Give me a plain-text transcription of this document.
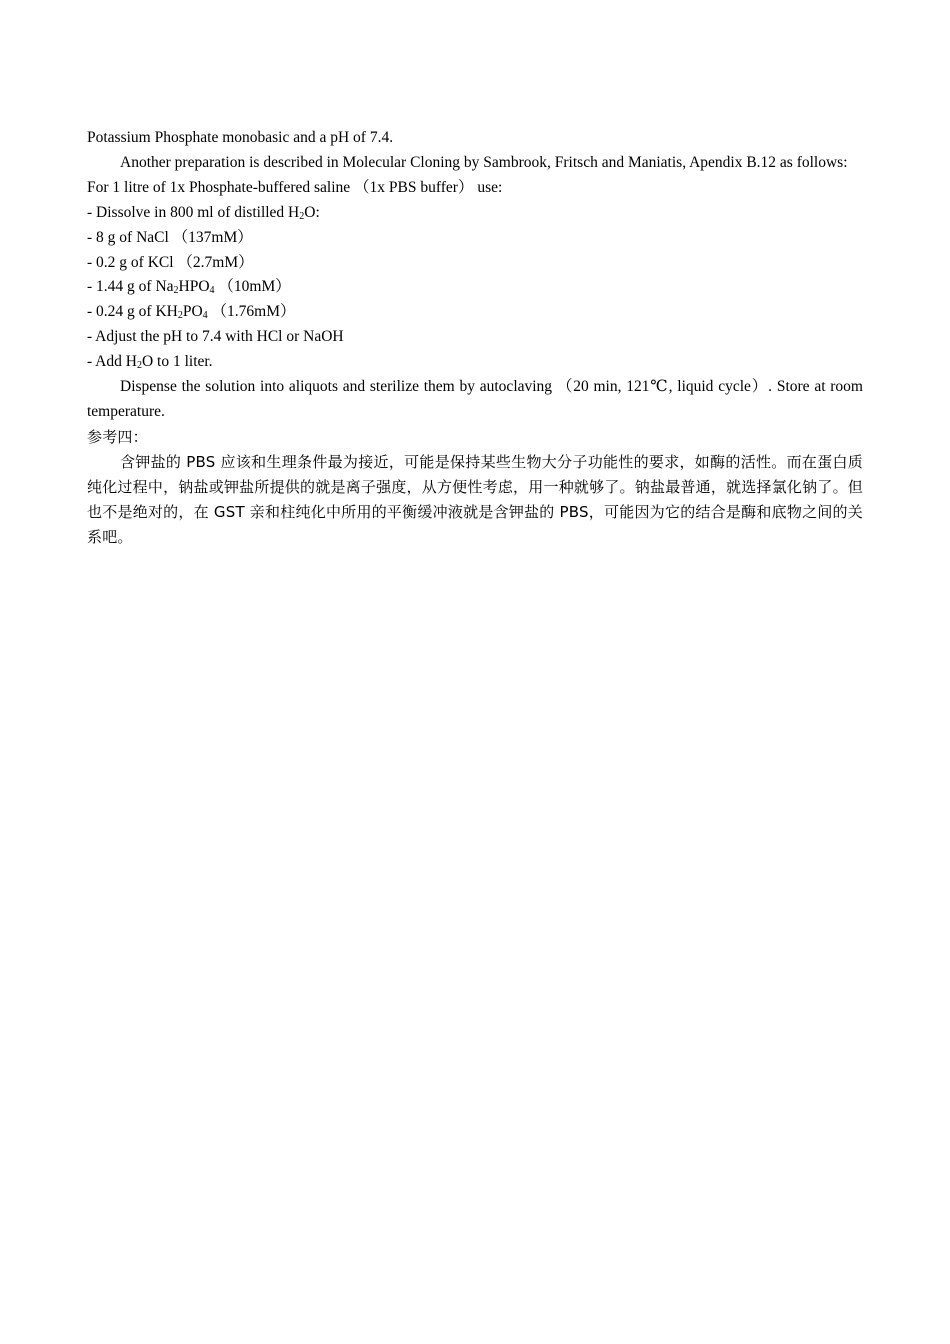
Potassium Phosphate monobasic and a pH of 7.4.
Another preparation is described in Molecular Cloning by Sambrook, Fritsch and Maniatis, Apendix B.12 as follows:
For 1 litre of 1x Phosphate-buffered saline （1x PBS buffer） use:
- Dissolve in 800 ml of distilled $H_2O$:
- 8 g of NaCl （137mM）
- 0.2 g of KCl （2.7mM）
- 1.44 g of $Na_2HPO_4$ （10mM）
- 0.24 g of $KH_2PO_4$ （1.76mM）
- Adjust the pH to 7.4 with HCl or NaOH
- Add $H_2O$ to 1 liter.
Dispense the solution into aliquots and sterilize them by autoclaving （20 min, 121℃, liquid cycle）. Store at room temperature.
参考四：
含钾盐的 PBS 应该和生理条件最为接近，可能是保持某些生物大分子功能性的要求，如酶的活性。而在蛋白质纯化过程中，钠盐或钾盐所提供的就是离子强度，从方便性考虑，用一种就够了。钠盐最普通，就选择氯化钠了。但也不是绝对的，在 GST 亲和柱纯化中所用的平衡缓冲液就是含钾盐的 PBS，可能因为它的结合是酶和底物之间的关系吧。
